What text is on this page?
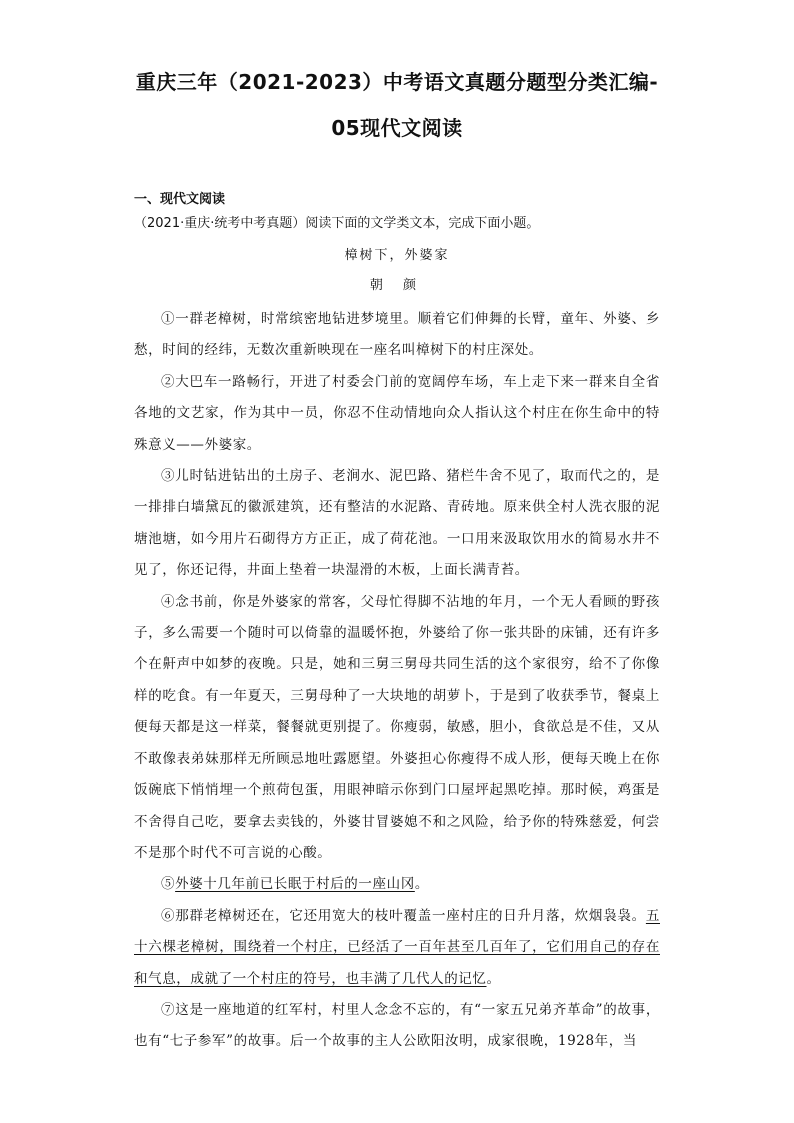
重庆三年（2021-2023）中考语文真题分题型分类汇编-
05现代文阅读
一、现代文阅读
（2021·重庆·统考中考真题）阅读下面的文学类文本，完成下面小题。
樟树下，外婆家
朝 颜

①一群老樟树，时常缤密地钻进梦境里。顺着它们伸舞的长臂，童年、外婆、乡愁，时间的经纬，无数次重新映现在一座名叫樟树下的村庄深处。

②大巴车一路畅行，开进了村委会门前的宽阔停车场，车上走下来一群来自全省各地的文艺家，作为其中一员，你忍不住动情地向众人指认这个村庄在你生命中的特殊意义——外婆家。

③儿时钻进钻出的土房子、老涧水、泥巴路、猪栏牛舍不见了，取而代之的，是一排排白墙黛瓦的徽派建筑，还有整洁的水泥路、青砖地。原来供全村人洗衣服的泥塘池塘，如今用片石砌得方方正正，成了荷花池。一口用来汲取饮用水的简易水井不见了，你还记得，井面上垫着一块湿滑的木板，上面长满青苔。

④念书前，你是外婆家的常客，父母忙得脚不沾地的年月，一个无人看顾的野孩子，多么需要一个随时可以倚靠的温暖怀抱，外婆给了你一张共卧的床铺，还有许多个在鼾声中如梦的夜晚。只是，她和三舅三舅母共同生活的这个家很穷，给不了你像样的吃食。有一年夏天，三舅母种了一大块地的胡萝卜，于是到了收获季节，餐桌上便每天都是这一样菜，餐餐就更别提了。你瘦弱，敏感，胆小，食欲总是不佳，又从不敢像表弟妹那样无所顾忌地吐露愿望。外婆担心你瘦得不成人形，便每天晚上在你饭碗底下悄悄埋一个煎荷包蛋，用眼神暗示你到门口屋坪起黑吃掉。那时候，鸡蛋是不舍得自己吃，要拿去卖钱的，外婆甘冒婆媳不和之风险，给予你的特殊慈爱，何尝不是那个时代不可言说的心酸。

⑤外婆十几年前已长眠于村后的一座山冈。

⑥那群老樟树还在，它还用宽大的枝叶覆盖一座村庄的日升月落，炊烟袅袅。五十六棵老樟树，围绕着一个村庄，已经活了一百年甚至几百年了，它们用自己的存在和气息，成就了一个村庄的符号，也丰满了几代人的记忆。

⑦这是一座地道的红军村，村里人念念不忘的，有“一家五兄弟齐革命”的故事，也有“七子参军”的故事。后一个故事的主人公欧阳汝明，成家很晚，1928年，当
